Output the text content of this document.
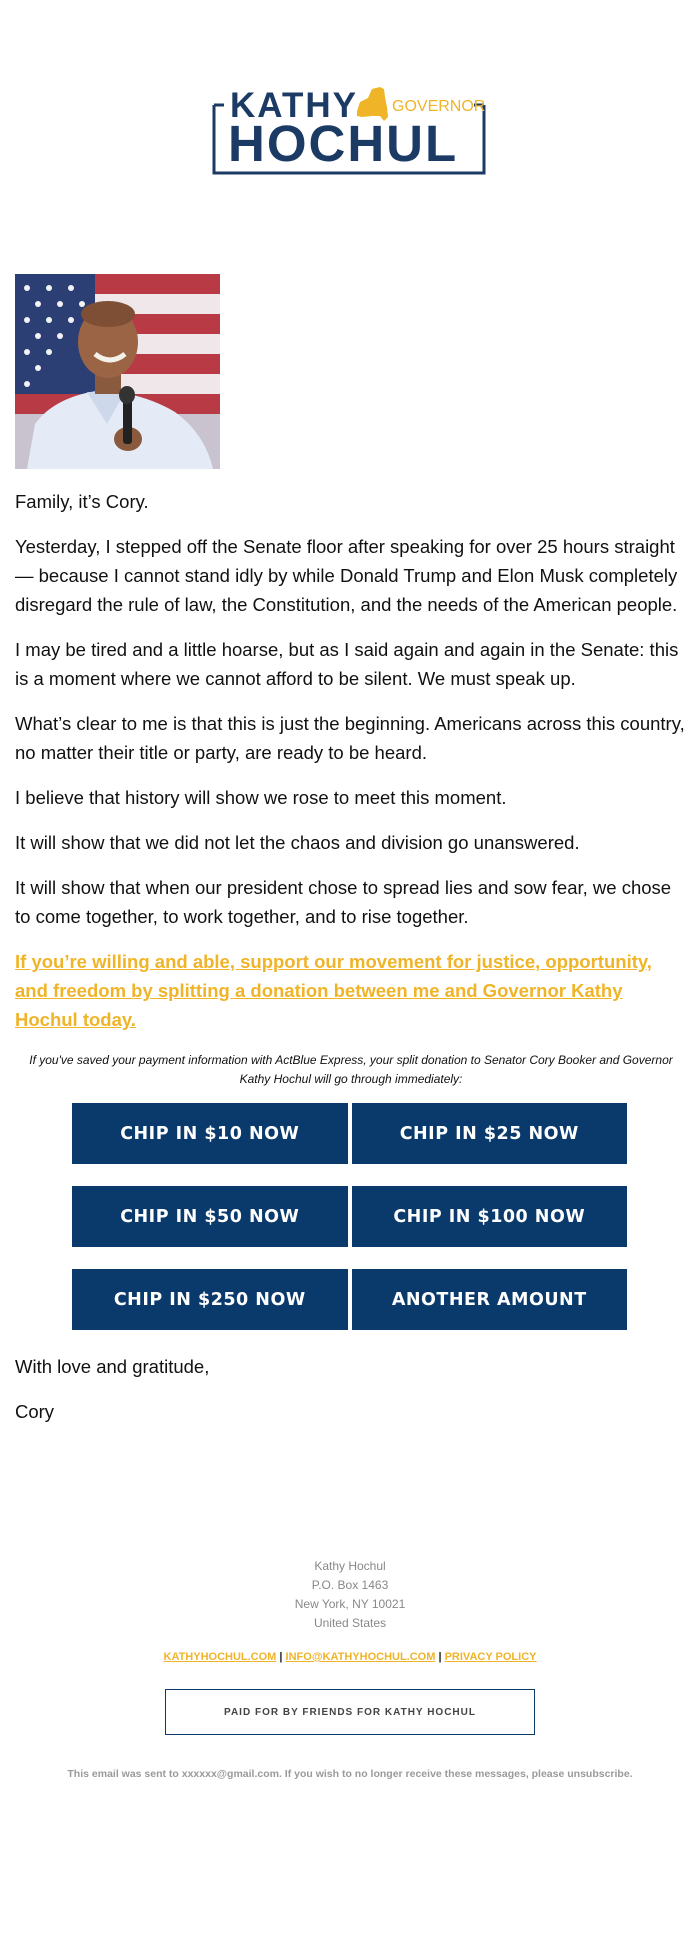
KATHY GOVERNOR
HOCHUL

Family, it’s Cory.

Yesterday, I stepped off the Senate floor after speaking for over 25 hours straight — because I cannot stand idly by while Donald Trump and Elon Musk completely disregard the rule of law, the Constitution, and the needs of the American people.

I may be tired and a little hoarse, but as I said again and again in the Senate: this is a moment where we cannot afford to be silent. We must speak up.

What’s clear to me is that this is just the beginning. Americans across this country, no matter their title or party, are ready to be heard.

I believe that history will show we rose to meet this moment.

It will show that we did not let the chaos and division go unanswered.

It will show that when our president chose to spread lies and sow fear, we chose to come together, to work together, and to rise together.

If you’re willing and able, support our movement for justice, opportunity, and freedom by splitting a donation between me and Governor Kathy Hochul today.
If you've saved your payment information with ActBlue Express, your split donation to Senator Cory Booker and Governor Kathy Hochul will go through immediately:
CHIP IN $10 NOW	CHIP IN $25 NOW
CHIP IN $50 NOW	CHIP IN $100 NOW
CHIP IN $250 NOW	ANOTHER AMOUNT

With love and gratitude,

Cory

Kathy Hochul
P.O. Box 1463
New York, NY 10021
United States
KATHYHOCHUL.COM | INFO@KATHYHOCHUL.COM | PRIVACY POLICY
PAID FOR BY FRIENDS FOR KATHY HOCHUL
This email was sent to xxxxxx@gmail.com. If you wish to no longer receive these messages, please unsubscribe.
